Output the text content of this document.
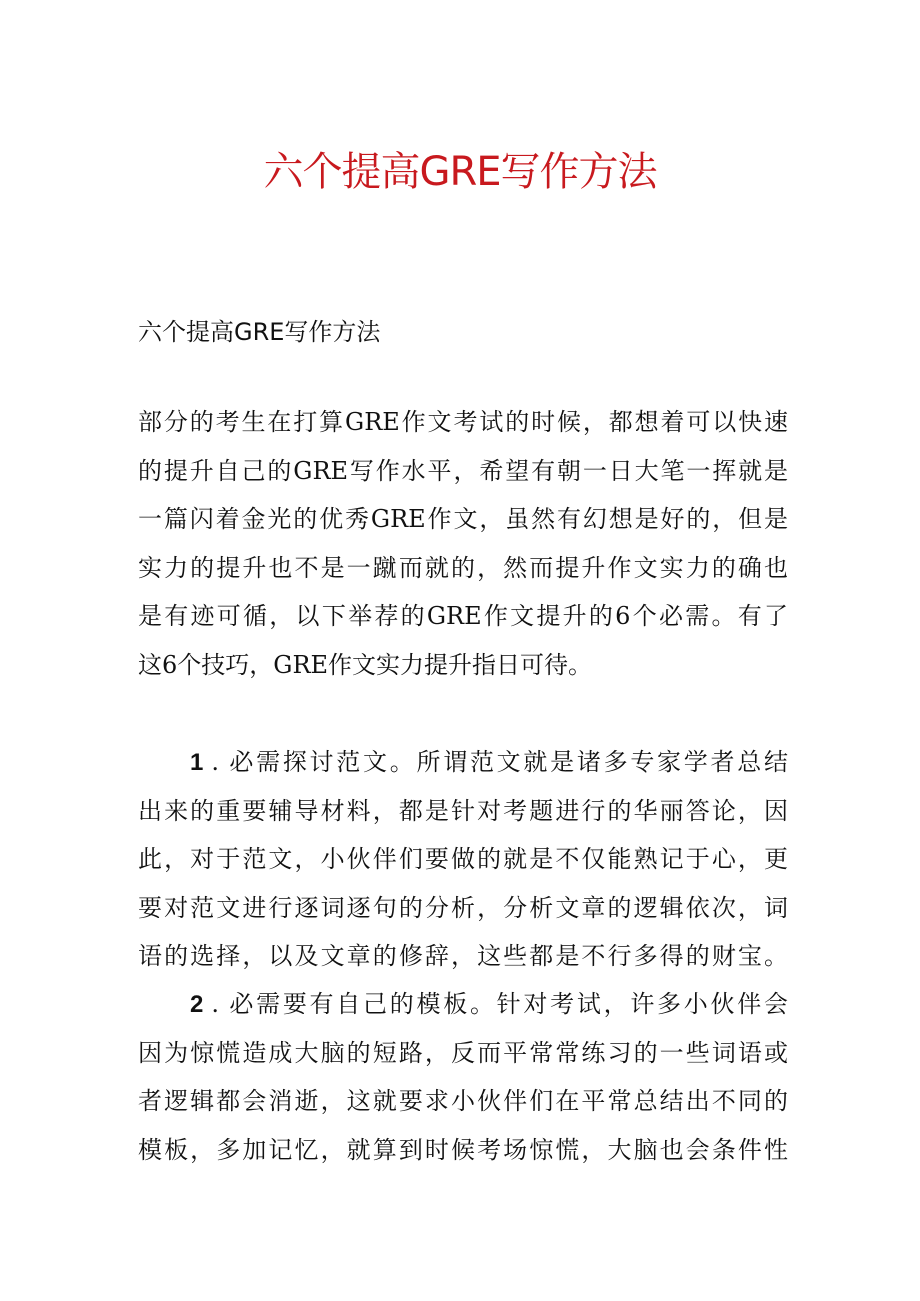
六个提高GRE写作方法
六个提高GRE写作方法
部分的考生在打算GRE作文考试的时候，都想着可以快速
的提升自己的GRE写作水平，希望有朝一日大笔一挥就是
一篇闪着金光的优秀GRE作文，虽然有幻想是好的，但是
实力的提升也不是一蹴而就的，然而提升作文实力的确也
是有迹可循，以下举荐的GRE作文提升的6个必需。有了
这6个技巧，GRE作文实力提升指日可待。
1 . 必需探讨范文。所谓范文就是诸多专家学者总结
出来的重要辅导材料，都是针对考题进行的华丽答论，因
此，对于范文，小伙伴们要做的就是不仅能熟记于心，更
要对范文进行逐词逐句的分析，分析文章的逻辑依次，词
语的选择，以及文章的修辞，这些都是不行多得的财宝。
2 . 必需要有自己的模板。针对考试，许多小伙伴会
因为惊慌造成大脑的短路，反而平常常练习的一些词语或
者逻辑都会消逝，这就要求小伙伴们在平常总结出不同的
模板，多加记忆，就算到时候考场惊慌，大脑也会条件性
